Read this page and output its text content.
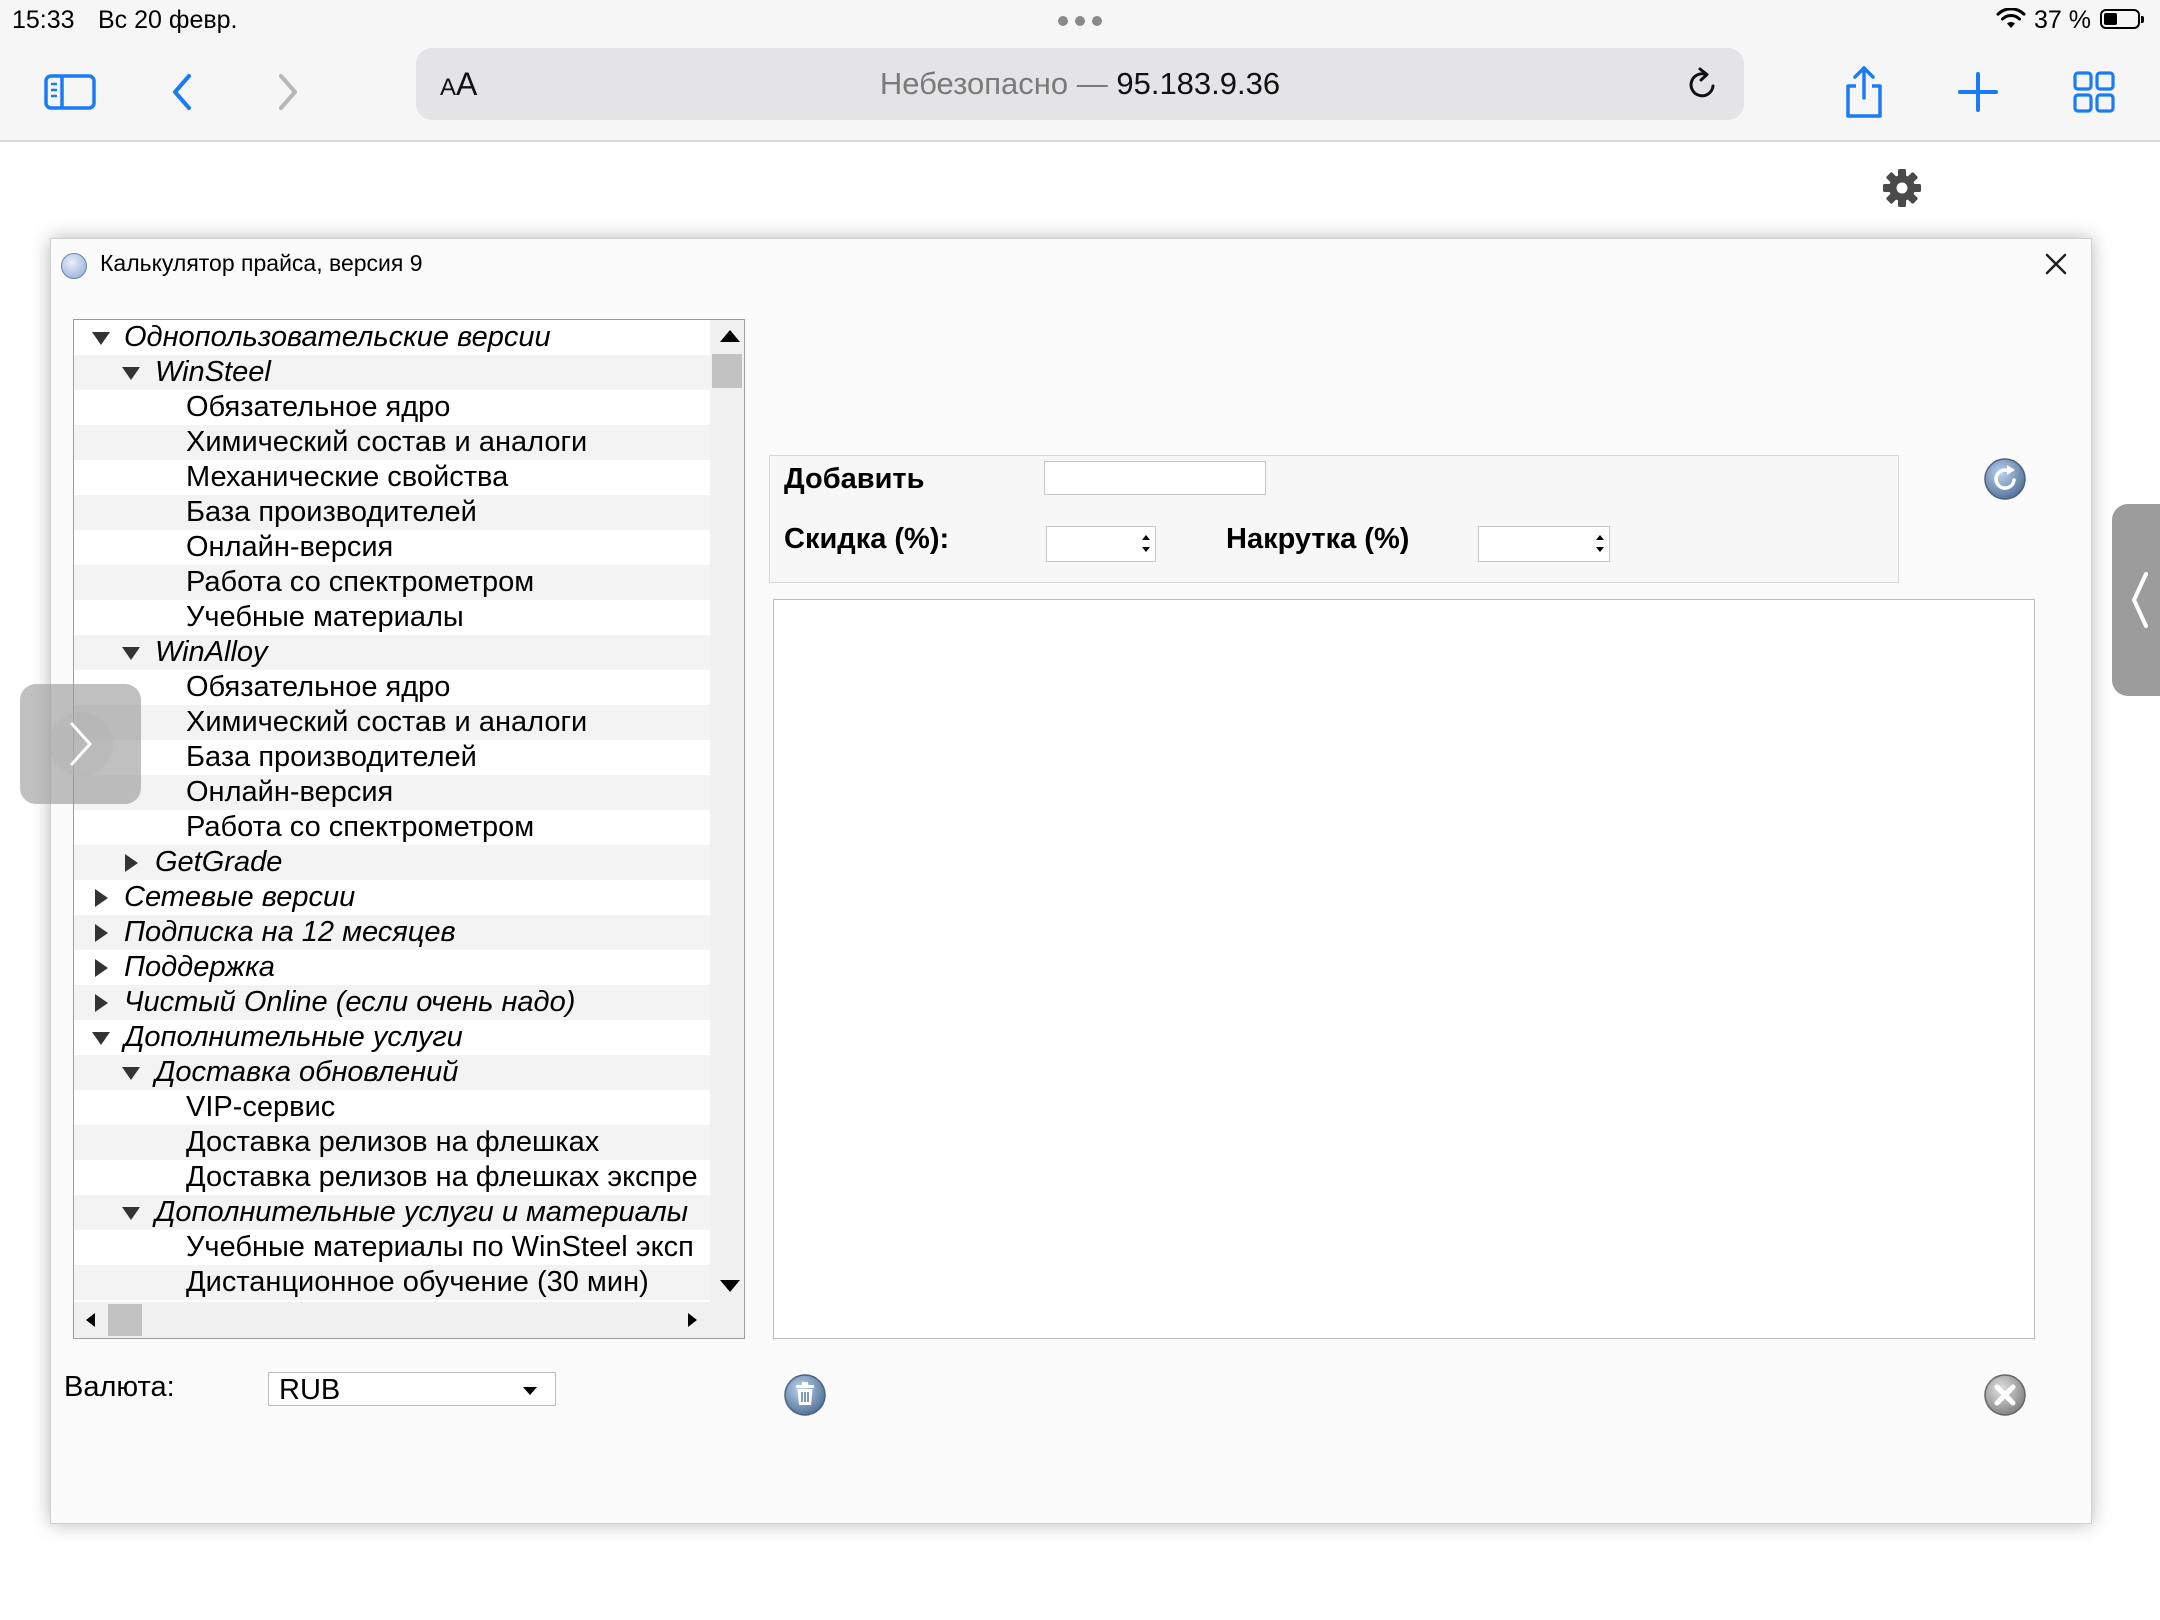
15:33 Вс 20 февр.	37 %
AA	Небезопасно — 95.183.9.36
Калькулятор прайса, версия 9
Однопользовательские версии
WinSteel
Обязательное ядро
Химический состав и аналоги
Механические свойства
База производителей
Онлайн-версия
Работа со спектрометром
Учебные материалы
WinAlloy
Обязательное ядро
Химический состав и аналоги
База производителей
Онлайн-версия
Работа со спектрометром
GetGrade
Сетевые версии
Подписка на 12 месяцев
Поддержка
Чистый Online (если очень надо)
Дополнительные услуги
Доставка обновлений
VIP-сервис
Доставка релизов на флешках
Доставка релизов на флешках экспре
Дополнительные услуги и материалы
Учебные материалы по WinSteel эксп
Дистанционное обучение (30 мин)
Добавить
Скидка (%):	Накрутка (%)
Валюта:	RUB
